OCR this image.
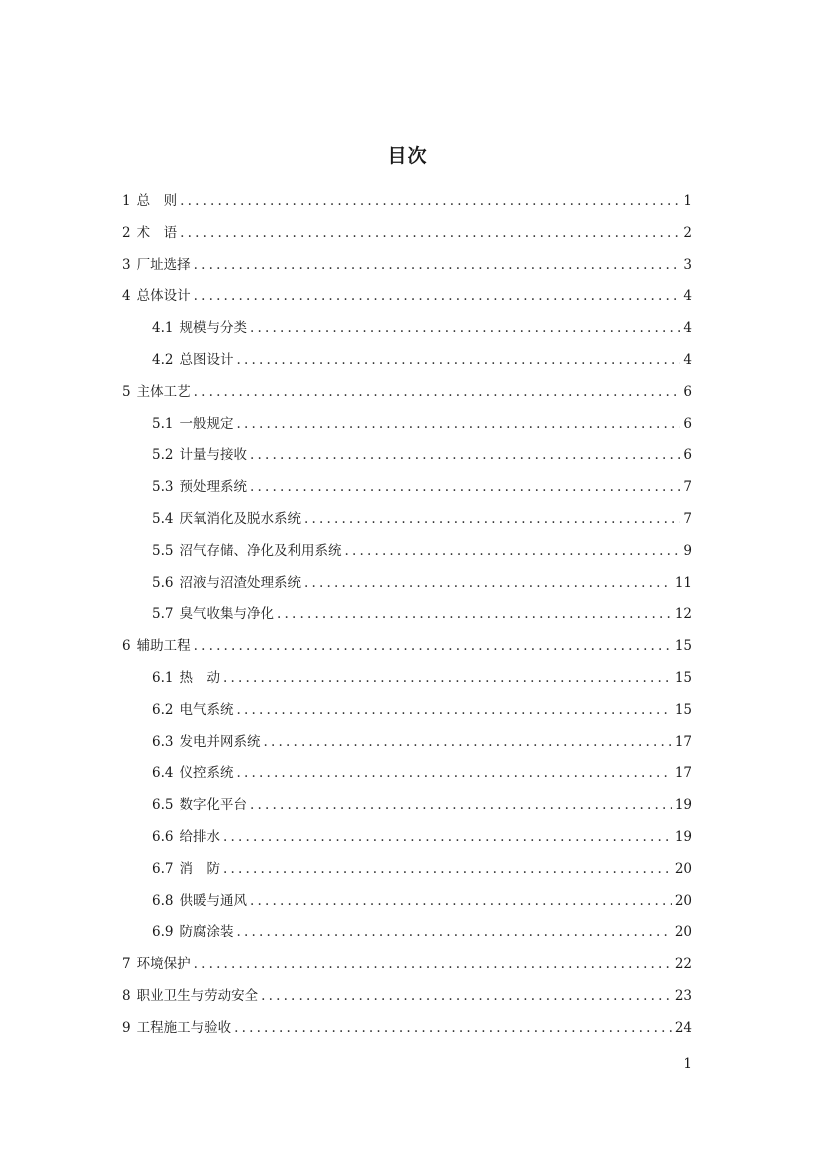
目次
1 总　则 .....	1
2 术　语 .....	2
3 厂址选择 .....	3
4 总体设计 .....	4
4.1 规模与分类 .....	4
4.2 总图设计 .....	4
5 主体工艺 .....	6
5.1 一般规定 .....	6
5.2 计量与接收 .....	6
5.3 预处理系统 .....	7
5.4 厌氧消化及脱水系统 .....	7
5.5 沼气存储、净化及利用系统 .....	9
5.6 沼液与沼渣处理系统 .....	11
5.7 臭气收集与净化 .....	12
6 辅助工程 .....	15
6.1 热　动 .....	15
6.2 电气系统 .....	15
6.3 发电并网系统 .....	17
6.4 仪控系统 .....	17
6.5 数字化平台 .....	19
6.6 给排水 .....	19
6.7 消　防 .....	20
6.8 供暖与通风 .....	20
6.9 防腐涂装 .....	20
7 环境保护 .....	22
8 职业卫生与劳动安全 .....	23
9 工程施工与验收 .....	24
1
